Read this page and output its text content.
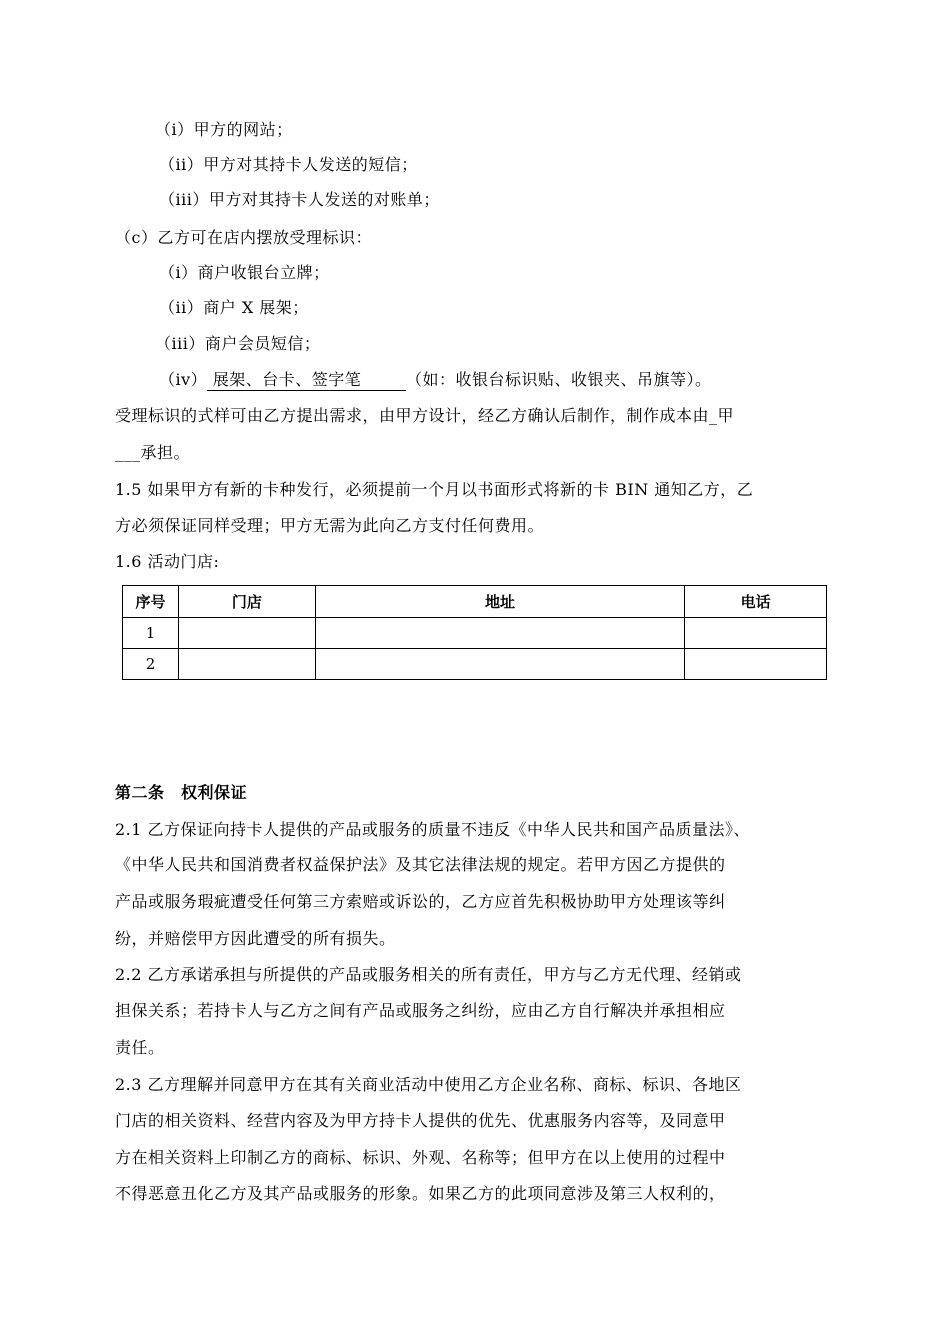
（i）甲方的网站；
（ii）甲方对其持卡人发送的短信；
（iii）甲方对其持卡人发送的对账单；
（c）乙方可在店内摆放受理标识：
（i）商户收银台立牌；
（ii）商户 X 展架；
（iii）商户会员短信；
（iv） 展架、台卡、签字笔        （如：收银台标识贴、收银夹、吊旗等）。
受理标识的式样可由乙方提出需求，由甲方设计，经乙方确认后制作，制作成本由_甲
___承担。
1.5 如果甲方有新的卡种发行，必须提前一个月以书面形式将新的卡 BIN 通知乙方，乙
方必须保证同样受理；甲方无需为此向乙方支付任何费用。
1.6 活动门店:
序号	门店	地址	电话
1			
2			
第二条　权利保证
2.1 乙方保证向持卡人提供的产品或服务的质量不违反《中华人民共和国产品质量法》、
《中华人民共和国消费者权益保护法》及其它法律法规的规定。若甲方因乙方提供的
产品或服务瑕疵遭受任何第三方索赔或诉讼的，乙方应首先积极协助甲方处理该等纠
纷，并赔偿甲方因此遭受的所有损失。
2.2 乙方承诺承担与所提供的产品或服务相关的所有责任，甲方与乙方无代理、经销或
担保关系；若持卡人与乙方之间有产品或服务之纠纷，应由乙方自行解决并承担相应
责任。
2.3 乙方理解并同意甲方在其有关商业活动中使用乙方企业名称、商标、标识、各地区
门店的相关资料、经营内容及为甲方持卡人提供的优先、优惠服务内容等，及同意甲
方在相关资料上印制乙方的商标、标识、外观、名称等；但甲方在以上使用的过程中
不得恶意丑化乙方及其产品或服务的形象。如果乙方的此项同意涉及第三人权利的，
